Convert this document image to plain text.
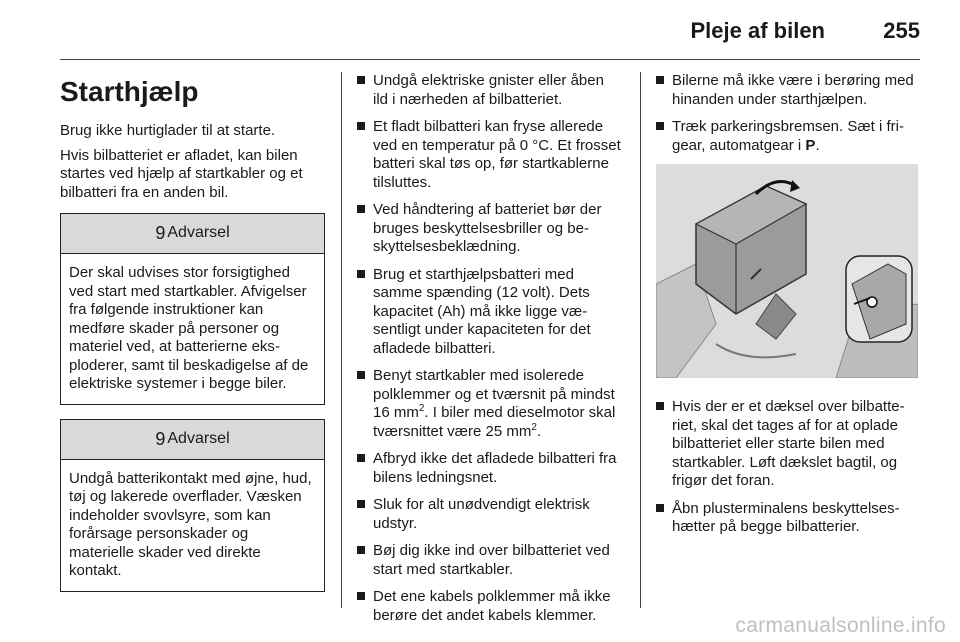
Pleje af bilen	255
Starthjælp

Brug ikke hurtiglader til at starte.

Hvis bilbatteriet er afladet, kan bilen startes ved hjælp af startkabler og et bilbatteri fra en anden bil.

9 Advarsel
Der skal udvises stor forsigtighed ved start med startkabler. Afvigelser fra følgende instruktioner kan medføre skader på personer og materiel ved, at batterierne eksploderer, samt til beskadigelse af de elektriske systemer i begge biler.
9 Advarsel
Undgå batterikontakt med øjne, hud, tøj og lakerede overflader. Væsken indeholder svovlsyre, som kan forårsage personskader og materielle skader ved direkte kontakt.
Undgå elektriske gnister eller åben ild i nærheden af bilbatteriet.
Et fladt bilbatteri kan fryse allerede ved en temperatur på 0 °C. Et frosset batteri skal tøs op, før startkablerne tilsluttes.
Ved håndtering af batteriet bør der bruges beskyttelsesbriller og beskyttelsesbeklædning.
Brug et starthjælpsbatteri med samme spænding (12 volt). Dets kapacitet (Ah) må ikke ligge væsentligt under kapaciteten for det afladede bilbatteri.
Benyt startkabler med isolerede polklemmer og et tværsnit på mindst 16 $mm^2$. I biler med dieselmotor skal tværsnittet være 25 $mm^2$.
Afbryd ikke det afladede bilbatteri fra bilens ledningsnet.
Sluk for alt unødvendigt elektrisk udstyr.
Bøj dig ikke ind over bilbatteriet ved start med startkabler.
Det ene kabels polklemmer må ikke berøre det andet kabels klemmer.
Bilerne må ikke være i berøring med hinanden under starthjælpen.
Træk parkeringsbremsen. Sæt i frigear, automatgear i P.
Hvis der er et dæksel over bilbatteriet, skal det tages af for at oplade bilbatteriet eller starte bilen med startkabler. Løft dækslet bagtil, og frigør det foran.
Åbn plusterminalens beskyttelseshætter på begge bilbatterier.
carmanualsonline.info
